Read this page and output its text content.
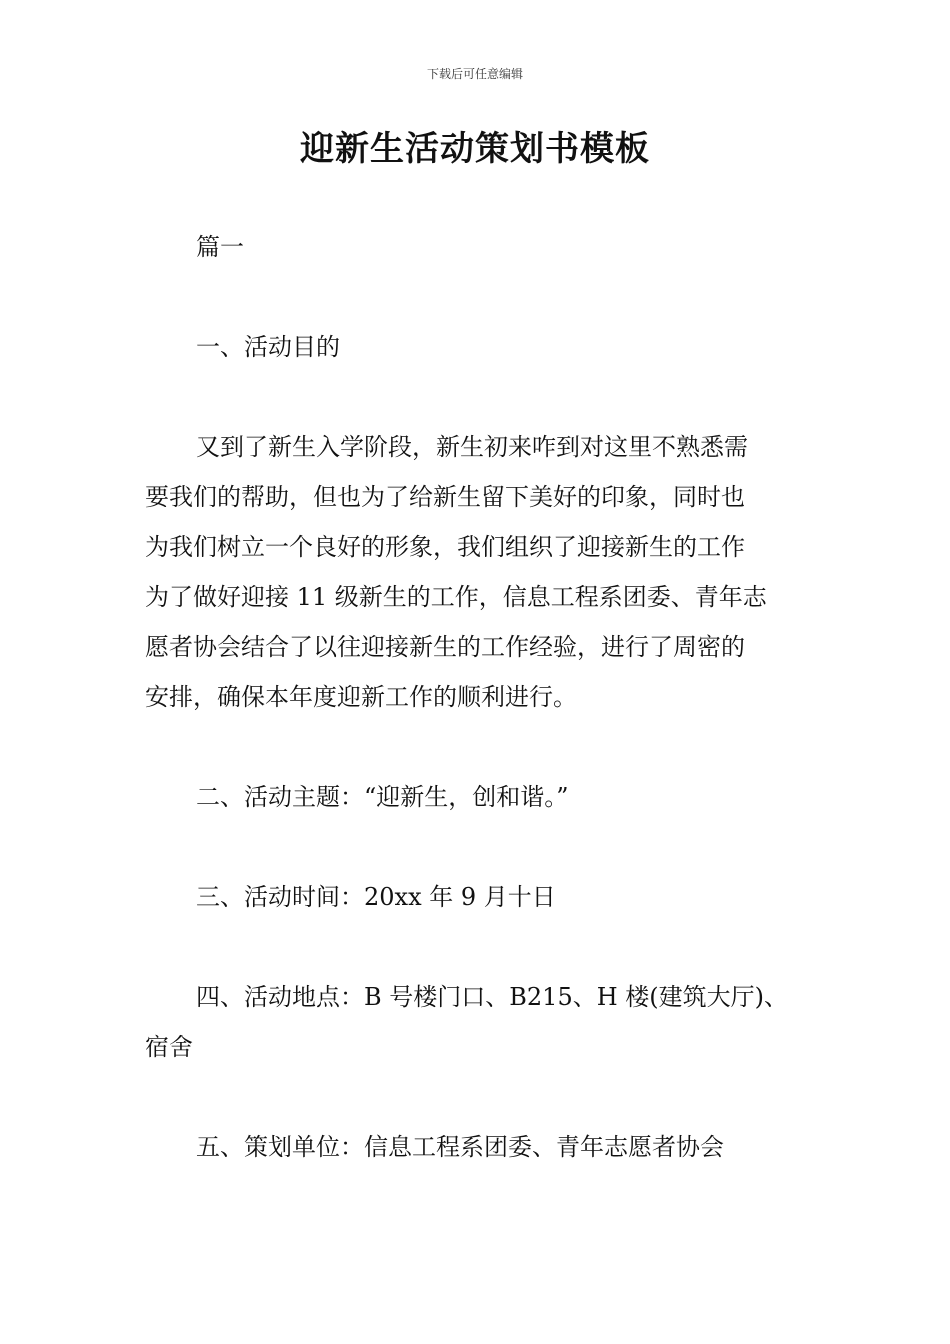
下载后可任意编辑
迎新生活动策划书模板
篇一
一、活动目的
又到了新生入学阶段，新生初来咋到对这里不熟悉需
要我们的帮助，但也为了给新生留下美好的印象，同时也
为我们树立一个良好的形象，我们组织了迎接新生的工作
为了做好迎接 11 级新生的工作，信息工程系团委、青年志
愿者协会结合了以往迎接新生的工作经验，进行了周密的
安排，确保本年度迎新工作的顺利进行。
二、活动主题：“迎新生，创和谐。”
三、活动时间：20xx 年 9 月十日
四、活动地点：B 号楼门口、B215、H 楼(建筑大厅)、
宿舍
五、策划单位：信息工程系团委、青年志愿者协会
